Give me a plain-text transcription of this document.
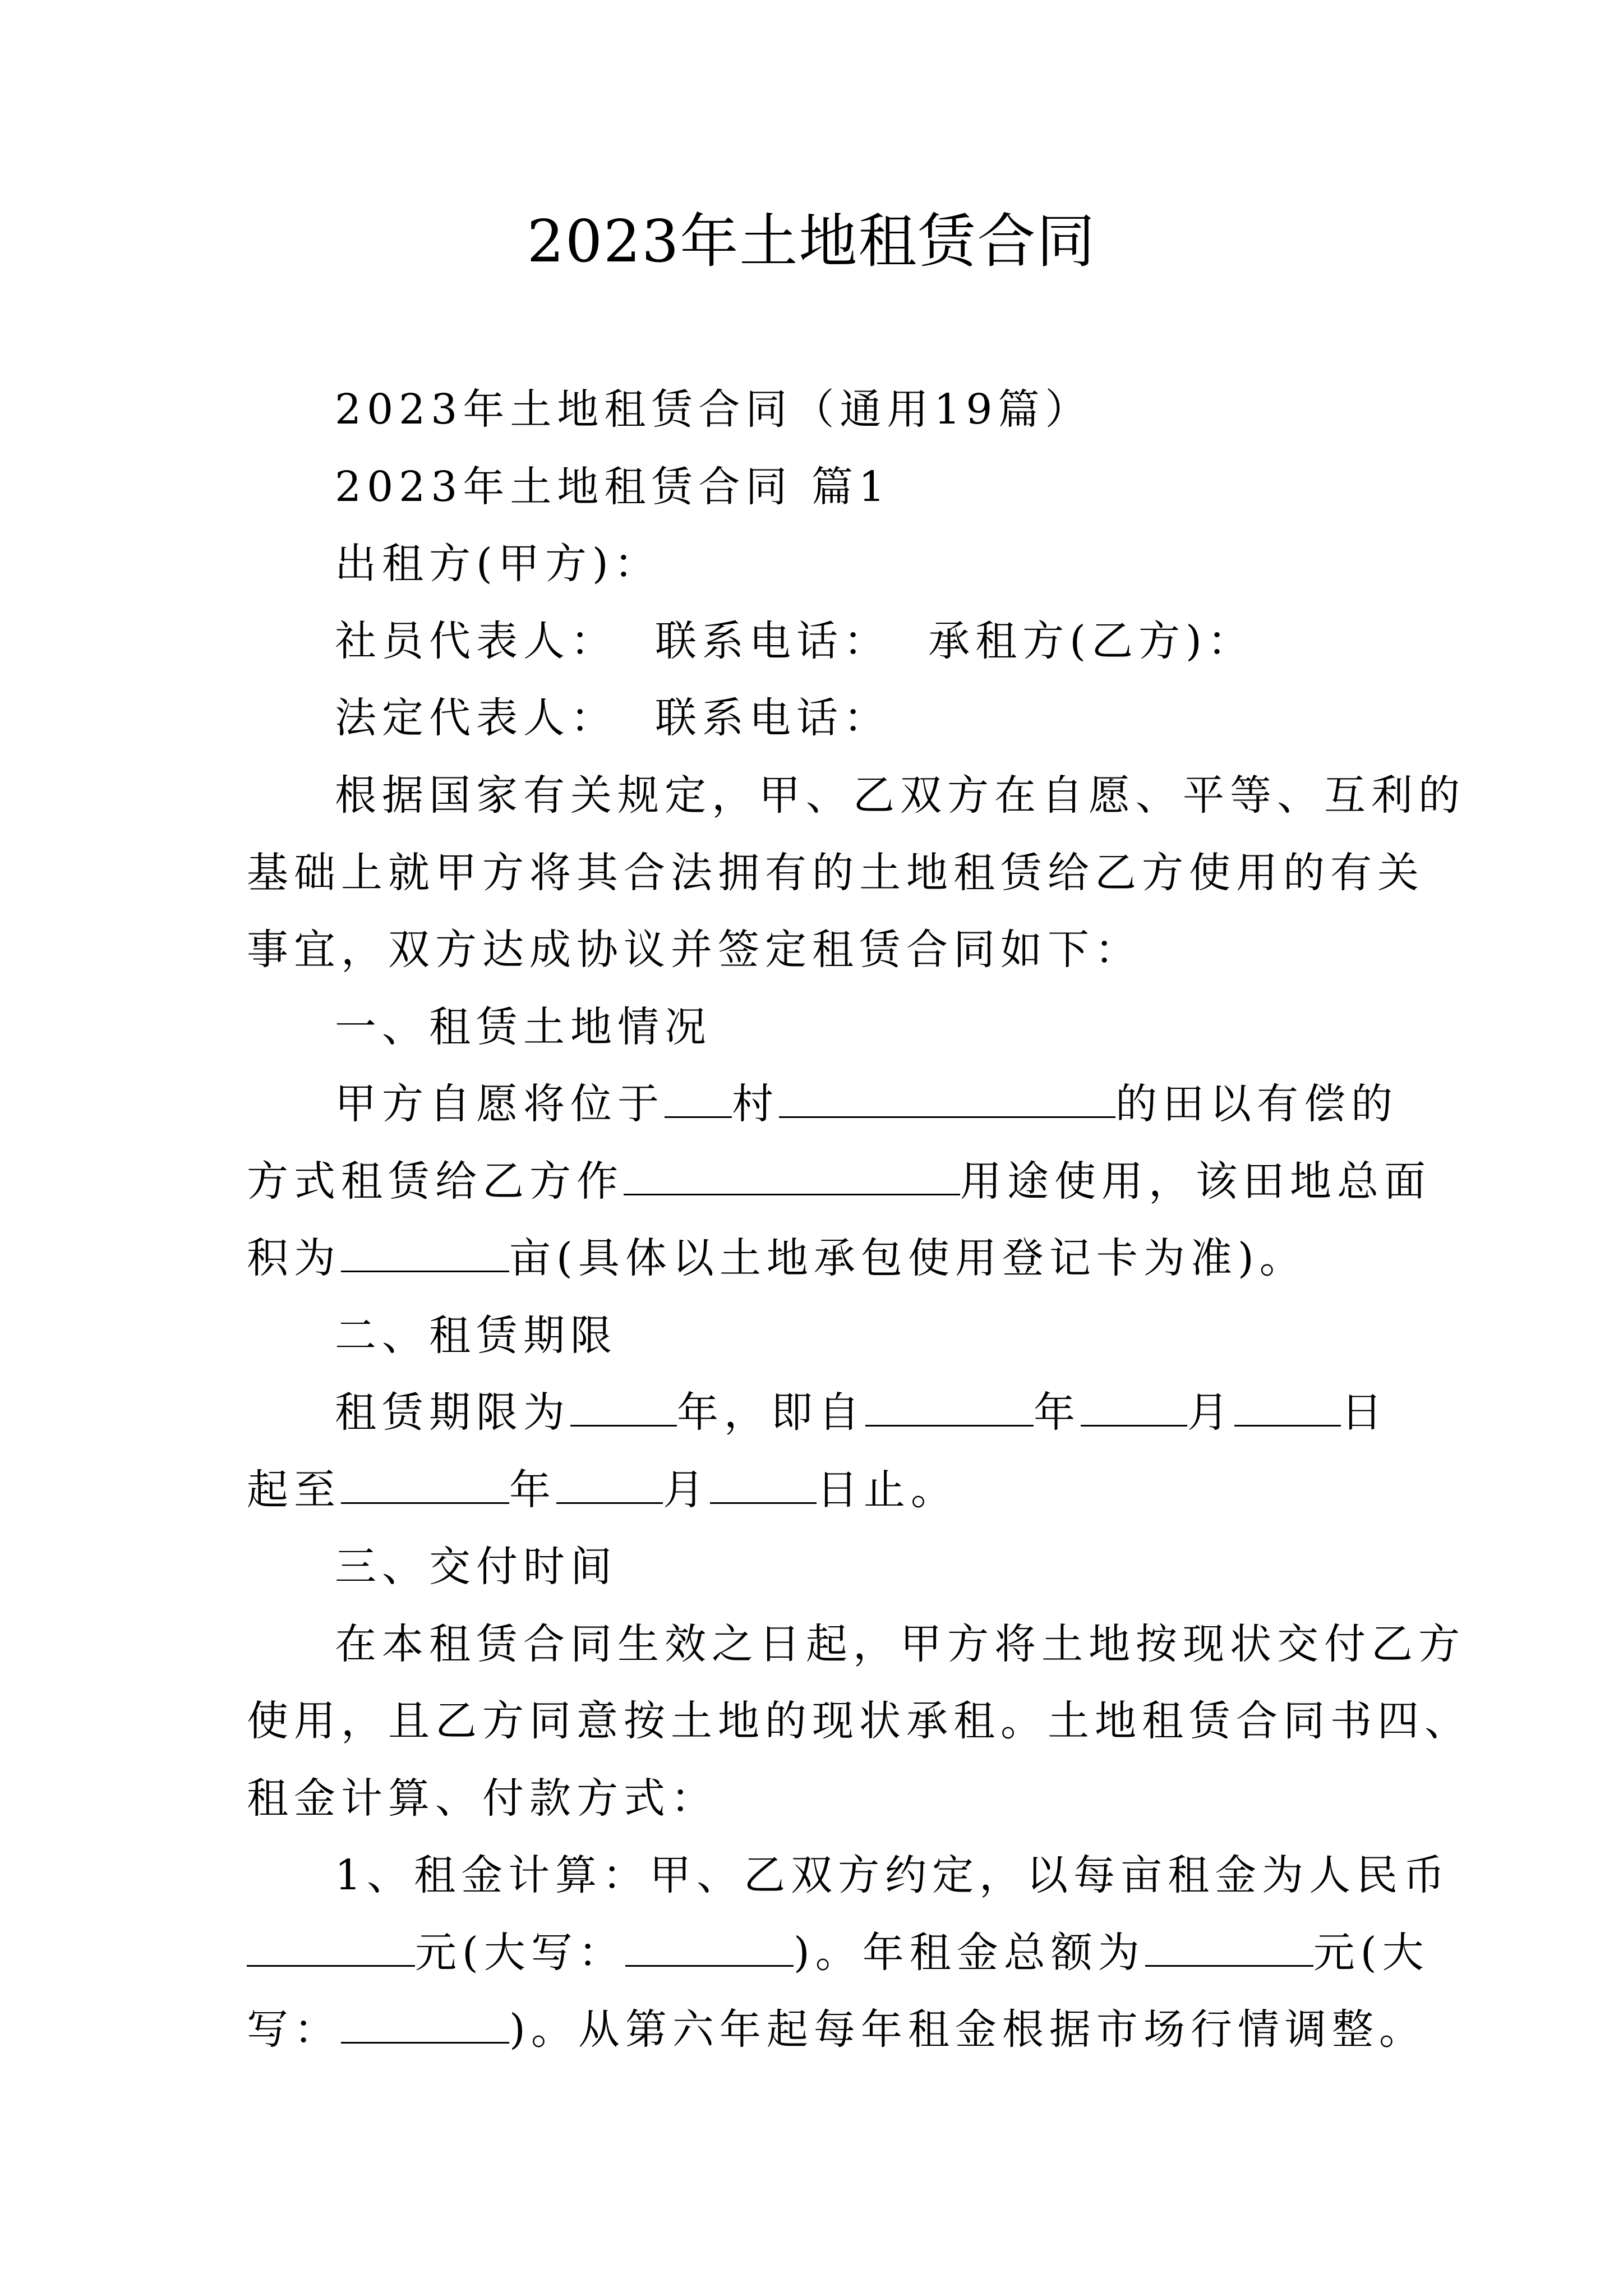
2023年土地租赁合同
2023年土地租赁合同（通用19篇）
2023年土地租赁合同 篇1
出租方(甲方)：
社员代表人：  联系电话：  承租方(乙方)：
法定代表人：  联系电话：
根据国家有关规定，甲、乙双方在自愿、平等、互利的
基础上就甲方将其合法拥有的土地租赁给乙方使用的有关
事宜，双方达成协议并签定租赁合同如下：
一、租赁土地情况
甲方自愿将位于 村	的田以有偿的
方式租赁给乙方作	用途使用，该田地总面
积为	亩(具体以土地承包使用登记卡为准)。
二、租赁期限
租赁期限为	年，即自	年	月	日
起至	年	月	日止。
三、交付时间
在本租赁合同生效之日起，甲方将土地按现状交付乙方
使用，且乙方同意按土地的现状承租。土地租赁合同书四、
租金计算、付款方式：
1、租金计算：甲、乙双方约定，以每亩租金为人民币
元(大写：	)。年租金总额为	元(大
写：	)。从第六年起每年租金根据市场行情调整。
